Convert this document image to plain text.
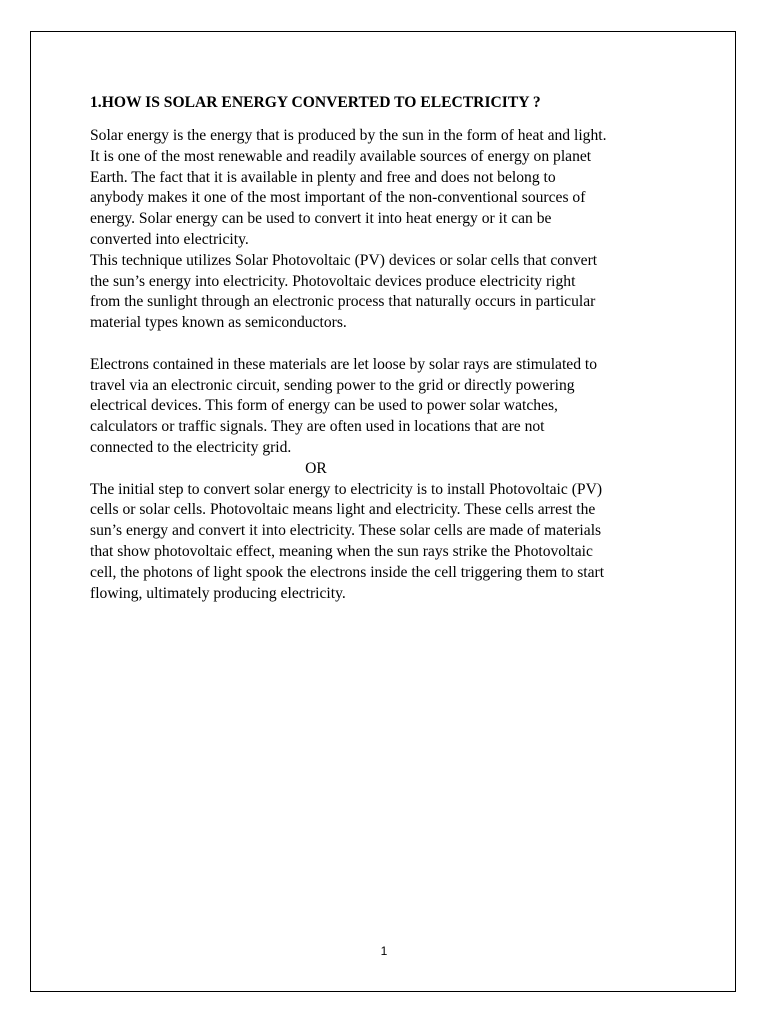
1.HOW IS SOLAR ENERGY CONVERTED TO ELECTRICITY ?
Solar energy is the energy that is produced by the sun in the form of heat and light.
It is one of the most renewable and readily available sources of energy on planet
Earth. The fact that it is available in plenty and free and does not belong to
anybody makes it one of the most important of the non-conventional sources of
energy. Solar energy can be used to convert it into heat energy or it can be
converted into electricity.
This technique utilizes Solar Photovoltaic (PV) devices or solar cells that convert
the sun’s energy into electricity. Photovoltaic devices produce electricity right
from the sunlight through an electronic process that naturally occurs in particular
material types known as semiconductors.
Electrons contained in these materials are let loose by solar rays are stimulated to
travel via an electronic circuit, sending power to the grid or directly powering
electrical devices. This form of energy can be used to power solar watches,
calculators or traffic signals. They are often used in locations that are not
connected to the electricity grid.
OR
The initial step to convert solar energy to electricity is to install Photovoltaic (PV)
cells or solar cells. Photovoltaic means light and electricity. These cells arrest the
sun’s energy and convert it into electricity. These solar cells are made of materials
that show photovoltaic effect, meaning when the sun rays strike the Photovoltaic
cell, the photons of light spook the electrons inside the cell triggering them to start
flowing, ultimately producing electricity.
1
